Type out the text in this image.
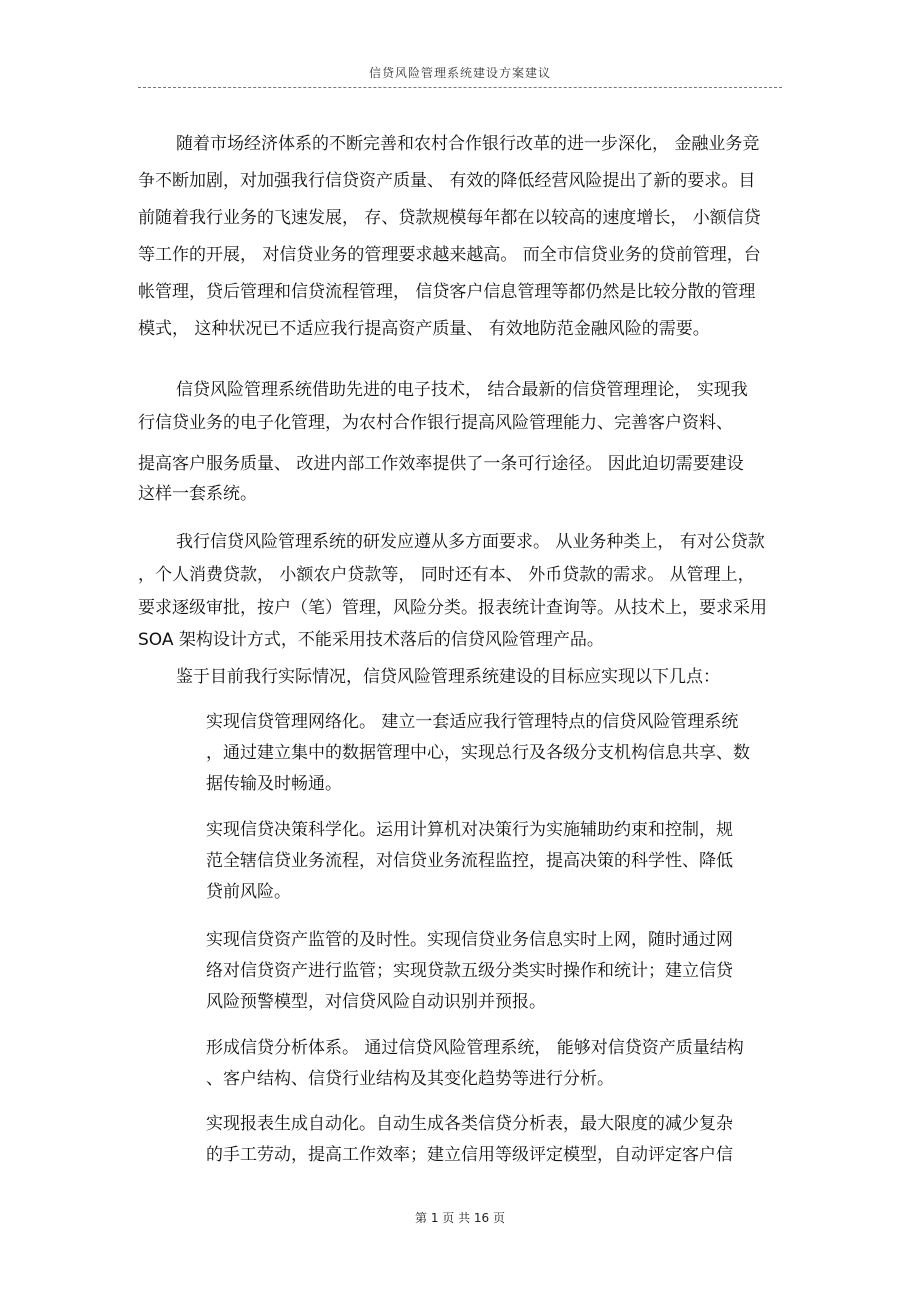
信贷风险管理系统建设方案建议
随着市场经济体系的不断完善和农村合作银行改革的进一步深化， 金融业务竞
争不断加剧，对加强我行信贷资产质量、 有效的降低经营风险提出了新的要求。目
前随着我行业务的飞速发展， 存、贷款规模每年都在以较高的速度增长， 小额信贷
等工作的开展， 对信贷业务的管理要求越来越高。 而全市信贷业务的贷前管理，台
帐管理，贷后管理和信贷流程管理， 信贷客户信息管理等都仍然是比较分散的管理
模式， 这种状况已不适应我行提高资产质量、 有效地防范金融风险的需要。
信贷风险管理系统借助先进的电子技术， 结合最新的信贷管理理论， 实现我
行信贷业务的电子化管理，为农村合作银行提高风险管理能力、完善客户资料、
提高客户服务质量、 改进内部工作效率提供了一条可行途径。 因此迫切需要建设
这样一套系统。
我行信贷风险管理系统的研发应遵从多方面要求。 从业务种类上， 有对公贷款
，个人消费贷款， 小额农户贷款等， 同时还有本、 外币贷款的需求。 从管理上，
要求逐级审批，按户（笔）管理，风险分类。报表统计查询等。从技术上，要求采用
SOA 架构设计方式，不能采用技术落后的信贷风险管理产品。
鉴于目前我行实际情况，信贷风险管理系统建设的目标应实现以下几点：
实现信贷管理网络化。 建立一套适应我行管理特点的信贷风险管理系统
，通过建立集中的数据管理中心，实现总行及各级分支机构信息共享、数
据传输及时畅通。
实现信贷决策科学化。运用计算机对决策行为实施辅助约束和控制，规
范全辖信贷业务流程，对信贷业务流程监控，提高决策的科学性、降低
贷前风险。
实现信贷资产监管的及时性。实现信贷业务信息实时上网，随时通过网
络对信贷资产进行监管；实现贷款五级分类实时操作和统计；建立信贷
风险预警模型，对信贷风险自动识别并预报。
形成信贷分析体系。 通过信贷风险管理系统， 能够对信贷资产质量结构
、客户结构、信贷行业结构及其变化趋势等进行分析。
实现报表生成自动化。自动生成各类信贷分析表，最大限度的减少复杂
的手工劳动，提高工作效率；建立信用等级评定模型，自动评定客户信
第 1 页 共 16 页
